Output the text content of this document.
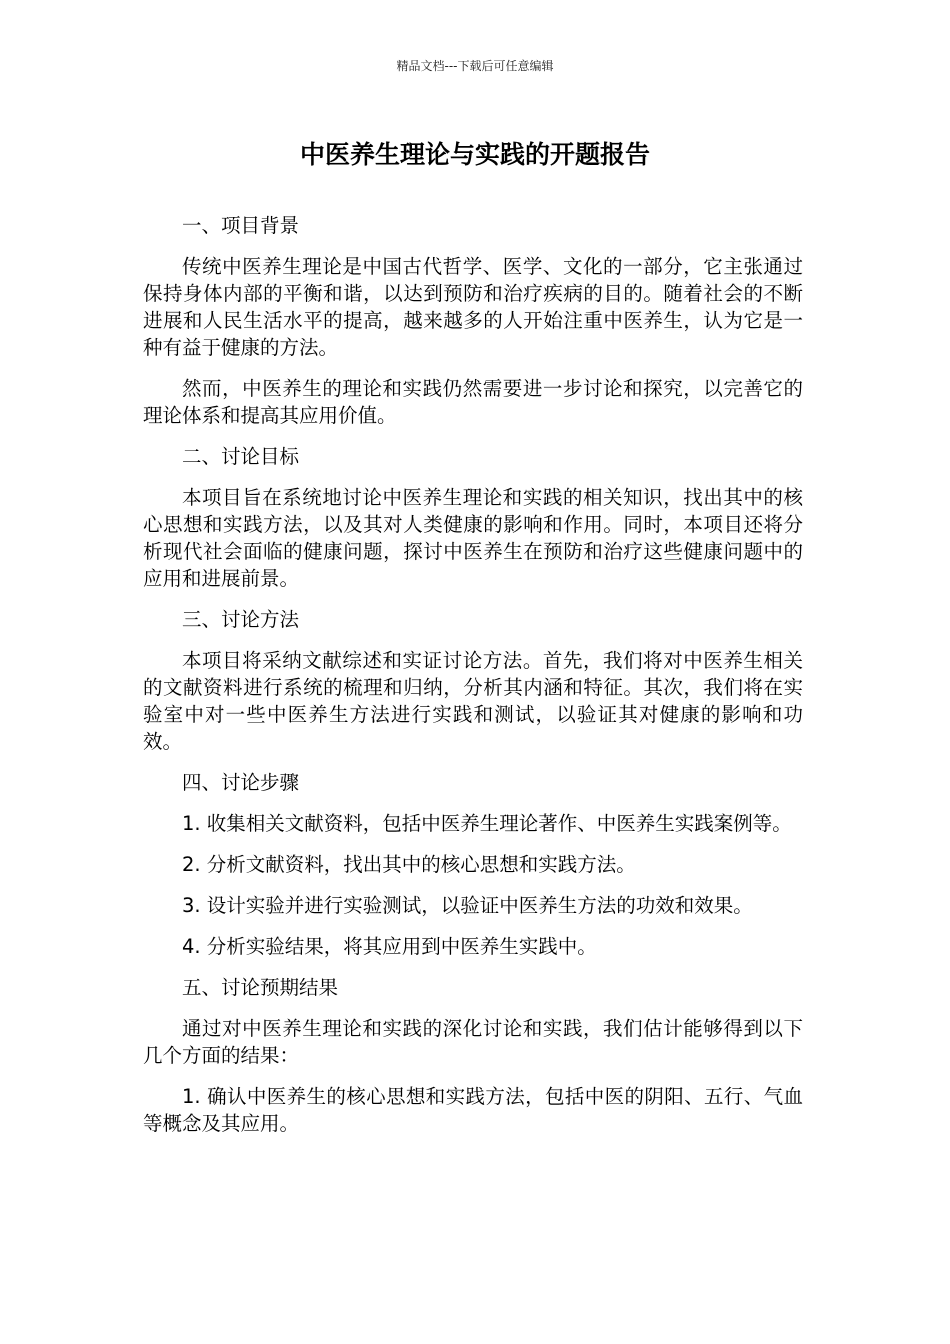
精品文档---下载后可任意编辑
中医养生理论与实践的开题报告

一、项目背景

传统中医养生理论是中国古代哲学、医学、文化的一部分，它主张通过保持身体内部的平衡和谐，以达到预防和治疗疾病的目的。随着社会的不断进展和人民生活水平的提高，越来越多的人开始注重中医养生，认为它是一种有益于健康的方法。

然而，中医养生的理论和实践仍然需要进一步讨论和探究，以完善它的理论体系和提高其应用价值。

二、讨论目标

本项目旨在系统地讨论中医养生理论和实践的相关知识，找出其中的核心思想和实践方法，以及其对人类健康的影响和作用。同时，本项目还将分析现代社会面临的健康问题，探讨中医养生在预防和治疗这些健康问题中的应用和进展前景。

三、讨论方法

本项目将采纳文献综述和实证讨论方法。首先，我们将对中医养生相关的文献资料进行系统的梳理和归纳，分析其内涵和特征。其次，我们将在实验室中对一些中医养生方法进行实践和测试，以验证其对健康的影响和功效。

四、讨论步骤

1. 收集相关文献资料，包括中医养生理论著作、中医养生实践案例等。

2. 分析文献资料，找出其中的核心思想和实践方法。

3. 设计实验并进行实验测试，以验证中医养生方法的功效和效果。

4. 分析实验结果，将其应用到中医养生实践中。

五、讨论预期结果

通过对中医养生理论和实践的深化讨论和实践，我们估计能够得到以下几个方面的结果：

1. 确认中医养生的核心思想和实践方法，包括中医的阴阳、五行、气血等概念及其应用。
